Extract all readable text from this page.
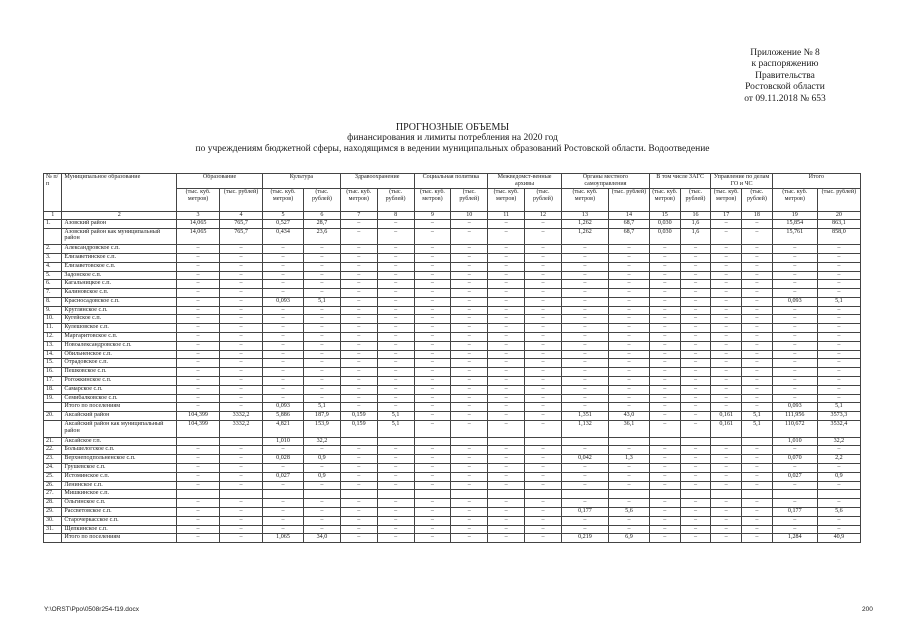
Приложение № 8
к распоряжению
Правительства
Ростовской области
от 09.11.2018 № 653
ПРОГНОЗНЫЕ ОБЪЕМЫ
финансирования и лимиты потребления на 2020 год
по учреждениям бюджетной сферы, находящимся в ведении муниципальных образований Ростовской области. Водоотведение
№ п/п	Муниципальное образование	Образование		Культура		Здравоохранение		Социальная политика		Межведомст-венные архивы		Органы местного самоуправления		В том числе ЗАГС		Управление по делам ГО и ЧС		Итого	
		(тыс. куб. метров)	(тыс. рублей)	(тыс. куб. метров)	(тыс. рублей)	(тыс. куб. метров)	(тыс. рублей)	(тыс. куб. метров)	(тыс. рублей)	(тыс. куб. метров)	(тыс. рублей)	(тыс. куб. метров)	(тыс. рублей)	(тыс. куб. метров)	(тыс. рублей)	(тыс. куб. метров)	(тыс. рублей)	(тыс. куб. метров)	(тыс. рублей)
1	2	3	4	5	6	7	8	9	10	11	12	13	14	15	16	17	18	19	20
1.	Азовский район	14,065	765,7	0,527	28,7	–	–	–	–	–	–	1,262	68,7	0,030	1,6	–	–	15,854	863,1
	Азовский район как муниципальный район	14,065	765,7	0,434	23,6	–	–	–	–	–	–	1,262	68,7	0,030	1,6	–	–	15,761	858,0
2.	Александровское с.п.	–	–	–	–	–	–	–	–	–	–	–	–	–	–	–	–	–	–
3.	Елизаветинское с.п.	–	–	–	–	–	–	–	–	–	–	–	–	–	–	–	–	–	–
4.	Елизаветовское с.п.	–	–	–	–	–	–	–	–	–	–	–	–	–	–	–	–	–	–
5.	Задонское с.п.	–	–	–	–	–	–	–	–	–	–	–	–	–	–	–	–	–	–
6.	Кагальницкое с.п.	–	–	–	–	–	–	–	–	–	–	–	–	–	–	–	–	–	–
7.	Калиновское с.п.	–	–	–	–	–	–	–	–	–	–	–	–	–	–	–	–	–	–
8.	Красносадовское с.п.	–	–	0,093	5,1	–	–	–	–	–	–	–	–	–	–	–	–	0,093	5,1
9.	Круглянское с.п.	–	–	–	–	–	–	–	–	–	–	–	–	–	–	–	–	–	–
10.	Кугейское с.п.	–	–	–	–	–	–	–	–	–	–	–	–	–	–	–	–	–	–
11.	Кулешовское с.п.	–	–	–	–	–	–	–	–	–	–	–	–	–	–	–	–	–	–
12.	Маргаритовское с.п.	–	–	–	–	–	–	–	–	–	–	–	–	–	–	–	–	–	–
13.	Новоалександровское с.п.	–	–	–	–	–	–	–	–	–	–	–	–	–	–	–	–	–	–
14.	Обильненское с.п.	–	–	–	–	–	–	–	–	–	–	–	–	–	–	–	–	–	–
15.	Отрадовское с.п.	–	–	–	–	–	–	–	–	–	–	–	–	–	–	–	–	–	–
16.	Пешковское с.п.	–	–	–	–	–	–	–	–	–	–	–	–	–	–	–	–	–	–
17.	Рогожкинское с.п.	–	–	–	–	–	–	–	–	–	–	–	–	–	–	–	–	–	–
18.	Самарское с.п.	–	–	–	–	–	–	–	–	–	–	–	–	–	–	–	–	–	–
19.	Семибалковское с.п.	–	–	–	–	–	–	–	–	–	–	–	–	–	–	–	–	–	–
	Итого по поселениям	–	–	0,093	5,1	–	–	–	–	–	–	–	–	–	–	–	–	0,093	5,1
20.	Аксайский район	104,399	3332,2	5,886	187,9	0,159	5,1	–	–	–	–	1,351	43,0	–	–	0,161	5,1	111,956	3573,3
	Аксайский район как муниципальный район	104,399	3332,2	4,821	153,9	0,159	5,1	–	–	–	–	1,132	36,1	–	–	0,161	5,1	110,672	3532,4
21.	Аксайское г.п.			1,010	32,2													1,010	32,2
22.	Большелогское с.п.	–	–	–	–	–	–	–	–	–	–	–	–	–	–	–	–	–	–
23.	Верхнеподпольненское с.п.	–	–	0,028	0,9	–	–	–	–	–	–	0,042	1,3	–	–	–	–	0,070	2,2
24.	Грушевское с.п.	–	–	–	–	–	–	–	–	–	–	–	–	–	–	–	–	–	–
25.	Истоминское с.п.	–	–	0,027	0,9	–	–	–	–	–	–	–	–	–	–	–	–	0,027	0,9
26.	Ленинское с.п.	–	–	–	–	–	–	–	–	–	–	–	–	–	–	–	–	–	–
27.	Мишкинское с.п.																		
28.	Ольгинское с.п.	–	–	–	–	–	–	–	–	–	–	–	–	–	–	–	–	–	–
29.	Рассветовское с.п.	–	–	–	–	–	–	–	–	–	–	0,177	5,6	–	–	–	–	0,177	5,6
30.	Старочеркасское с.п.	–	–	–	–	–	–	–	–	–	–	–	–	–	–	–	–	–	–
31.	Щепкинское с.п.	–	–	–	–	–	–	–	–	–	–	–	–	–	–	–	–	–	–
	Итого по поселениям	–	–	1,065	34,0	–	–	–	–	–	–	0,219	6,9	–	–	–	–	1,284	40,9
Y:\ORST\Ppo\0508r254-f19.docx	200
